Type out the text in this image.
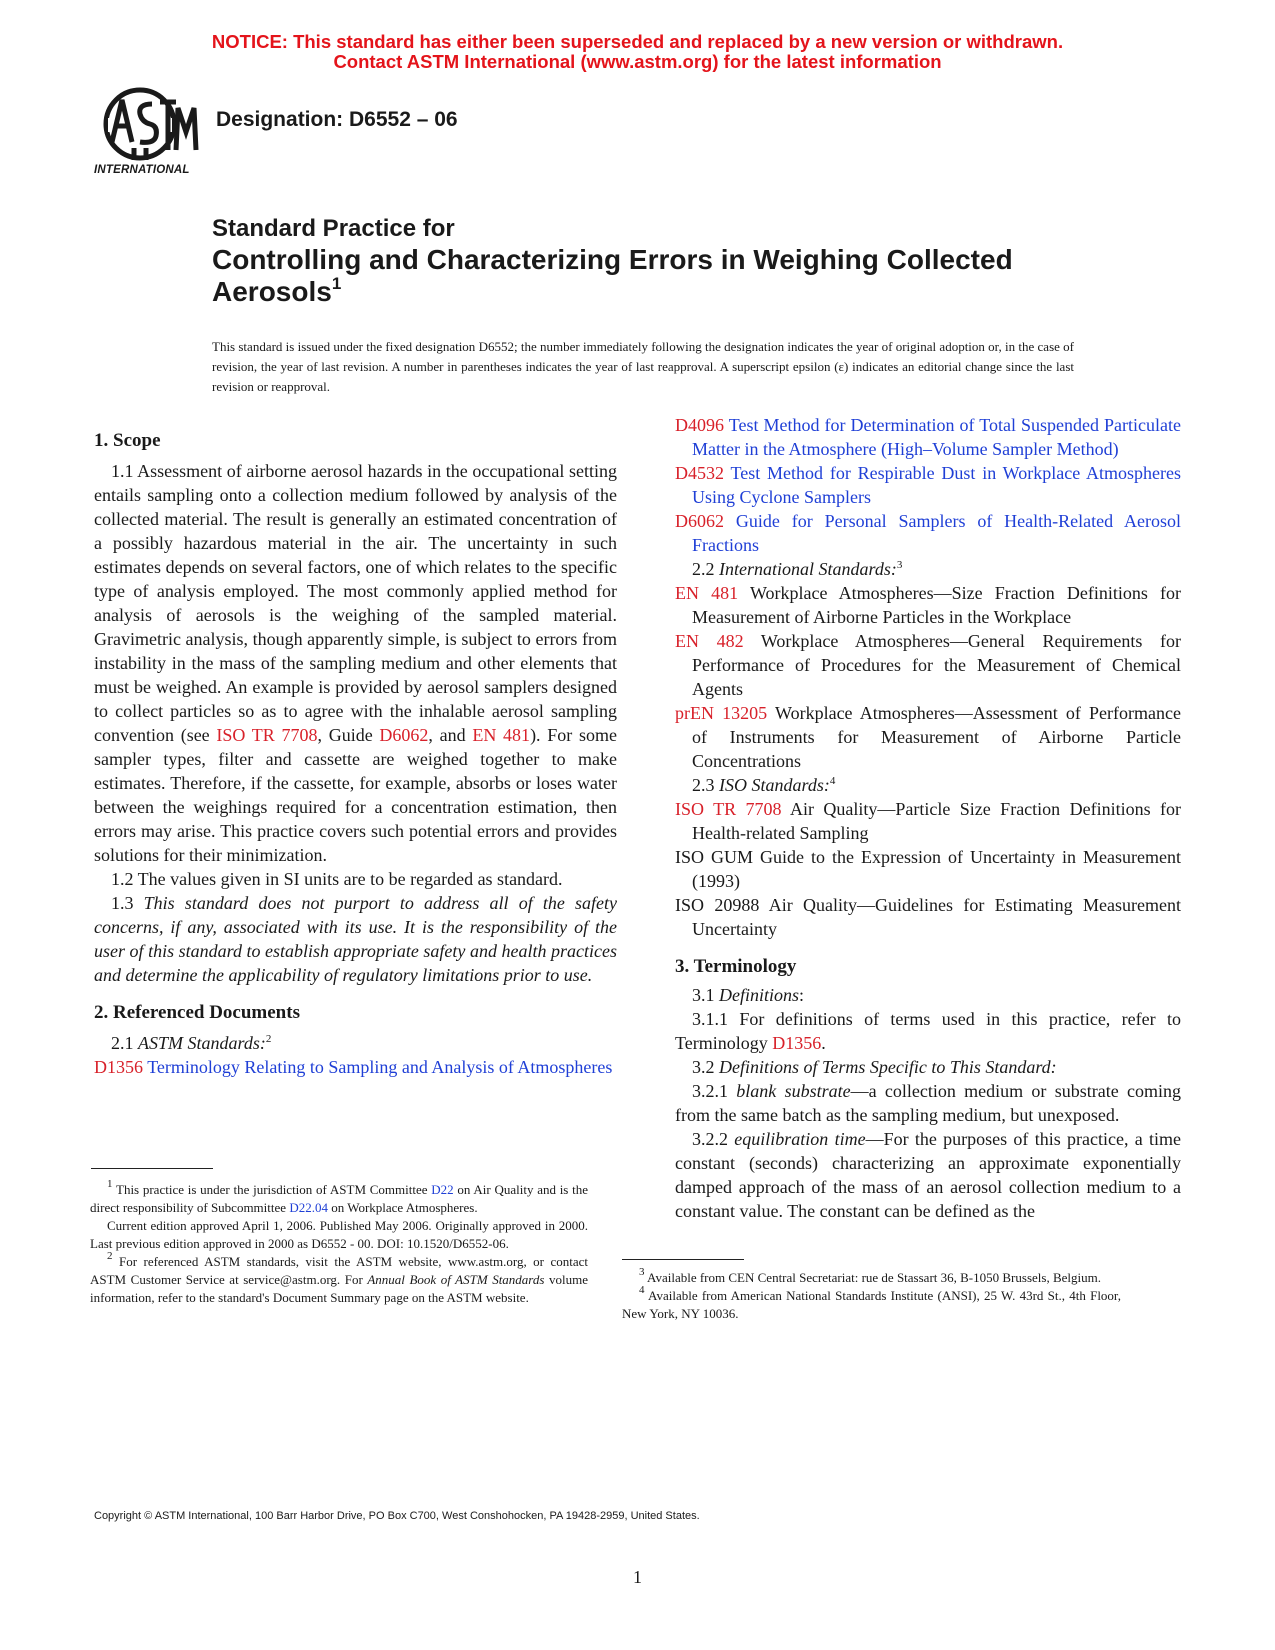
NOTICE: This standard has either been superseded and replaced by a new version or withdrawn.
Contact ASTM International (www.astm.org) for the latest information
INTERNATIONAL
Designation: D6552 – 06
Standard Practice for
Controlling and Characterizing Errors in Weighing Collected
Aerosols$^1$
This standard is issued under the fixed designation D6552; the number immediately following the designation indicates the year of original adoption or, in the case of revision, the year of last revision. A number in parentheses indicates the year of last reapproval. A superscript epsilon (ε) indicates an editorial change since the last revision or reapproval.
1. Scope

1.1 Assessment of airborne aerosol hazards in the occupational setting entails sampling onto a collection medium followed by analysis of the collected material. The result is generally an estimated concentration of a possibly hazardous material in the air. The uncertainty in such estimates depends on several factors, one of which relates to the specific type of analysis employed. The most commonly applied method for analysis of aerosols is the weighing of the sampled material. Gravimetric analysis, though apparently simple, is subject to errors from instability in the mass of the sampling medium and other elements that must be weighed. An example is provided by aerosol samplers designed to collect particles so as to agree with the inhalable aerosol sampling convention (see ISO TR 7708, Guide D6062, and EN 481). For some sampler types, filter and cassette are weighed together to make estimates. Therefore, if the cassette, for example, absorbs or loses water between the weighings required for a concentration estimation, then errors may arise. This practice covers such potential errors and provides solutions for their minimization.

1.2 The values given in SI units are to be regarded as standard.

1.3 This standard does not purport to address all of the safety concerns, if any, associated with its use. It is the responsibility of the user of this standard to establish appropriate safety and health practices and determine the applicability of regulatory limitations prior to use.

2. Referenced Documents

2.1 ASTM Standards:$^2$

D1356 Terminology Relating to Sampling and Analysis of Atmospheres

$^1$ This practice is under the jurisdiction of ASTM Committee D22 on Air Quality and is the direct responsibility of Subcommittee D22.04 on Workplace Atmospheres.

Current edition approved April 1, 2006. Published May 2006. Originally approved in 2000. Last previous edition approved in 2000 as D6552 - 00. DOI: 10.1520/D6552-06.

$^2$ For referenced ASTM standards, visit the ASTM website, www.astm.org, or contact ASTM Customer Service at service@astm.org. For Annual Book of ASTM Standards volume information, refer to the standard's Document Summary page on the ASTM website.

D4096 Test Method for Determination of Total Suspended Particulate Matter in the Atmosphere (High–Volume Sampler Method)

D4532 Test Method for Respirable Dust in Workplace Atmospheres Using Cyclone Samplers

D6062 Guide for Personal Samplers of Health-Related Aerosol Fractions

2.2 International Standards:$^3$

EN 481 Workplace Atmospheres—Size Fraction Definitions for Measurement of Airborne Particles in the Workplace

EN 482 Workplace Atmospheres—General Requirements for Performance of Procedures for the Measurement of Chemical Agents

prEN 13205 Workplace Atmospheres—Assessment of Performance of Instruments for Measurement of Airborne Particle Concentrations

2.3 ISO Standards:$^4$

ISO TR 7708 Air Quality—Particle Size Fraction Definitions for Health-related Sampling

ISO GUM Guide to the Expression of Uncertainty in Measurement (1993)

ISO 20988 Air Quality—Guidelines for Estimating Measurement Uncertainty

3. Terminology

3.1 Definitions:

3.1.1 For definitions of terms used in this practice, refer to Terminology D1356.

3.2 Definitions of Terms Specific to This Standard:

3.2.1 blank substrate—a collection medium or substrate coming from the same batch as the sampling medium, but unexposed.

3.2.2 equilibration time—For the purposes of this practice, a time constant (seconds) characterizing an approximate exponentially damped approach of the mass of an aerosol collection medium to a constant value. The constant can be defined as the

$^3$ Available from CEN Central Secretariat: rue de Stassart 36, B-1050 Brussels, Belgium.

$^4$ Available from American National Standards Institute (ANSI), 25 W. 43rd St., 4th Floor, New York, NY 10036.

Copyright © ASTM International, 100 Barr Harbor Drive, PO Box C700, West Conshohocken, PA 19428-2959, United States.
1
